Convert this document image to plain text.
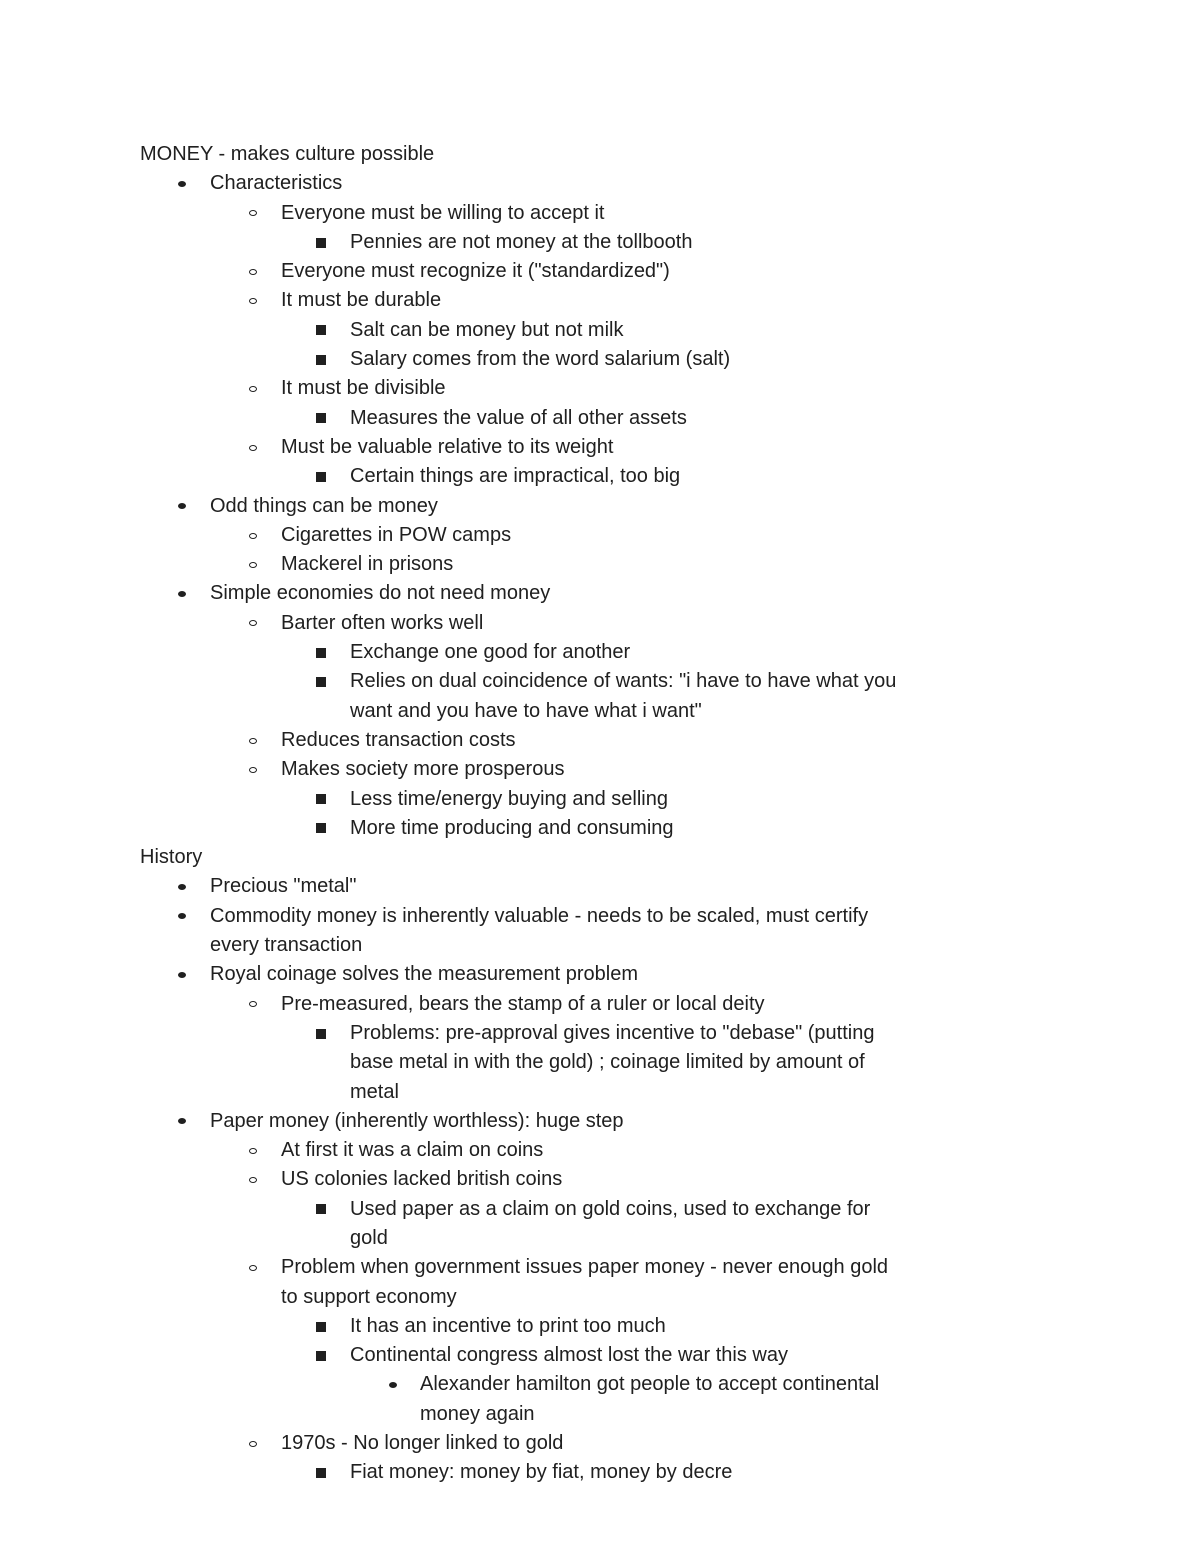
MONEY - makes culture possible
Characteristics
Everyone must be willing to accept it
Pennies are not money at the tollbooth
Everyone must recognize it ("standardized")
It must be durable
Salt can be money but not milk
Salary comes from the word salarium (salt)
It must be divisible
Measures the value of all other assets
Must be valuable relative to its weight
Certain things are impractical, too big
Odd things can be money
Cigarettes in POW camps
Mackerel in prisons
Simple economies do not need money
Barter often works well
Exchange one good for another
Relies on dual coincidence of wants: "i have to have what you want and you have to have what i want"
Reduces transaction costs
Makes society more prosperous
Less time/energy buying and selling
More time producing and consuming
History
Precious "metal"
Commodity money is inherently valuable - needs to be scaled, must certify every transaction
Royal coinage solves the measurement problem
Pre-measured, bears the stamp of a ruler or local deity
Problems: pre-approval gives incentive to "debase" (putting base metal in with the gold) ; coinage limited by amount of metal
Paper money (inherently worthless): huge step
At first it was a claim on coins
US colonies lacked british coins
Used paper as a claim on gold coins, used to exchange for gold
Problem when government issues paper money - never enough gold to support economy
It has an incentive to print too much
Continental congress almost lost the war this way
Alexander hamilton got people to accept continental money again
1970s - No longer linked to gold
Fiat money: money by fiat, money by decre
